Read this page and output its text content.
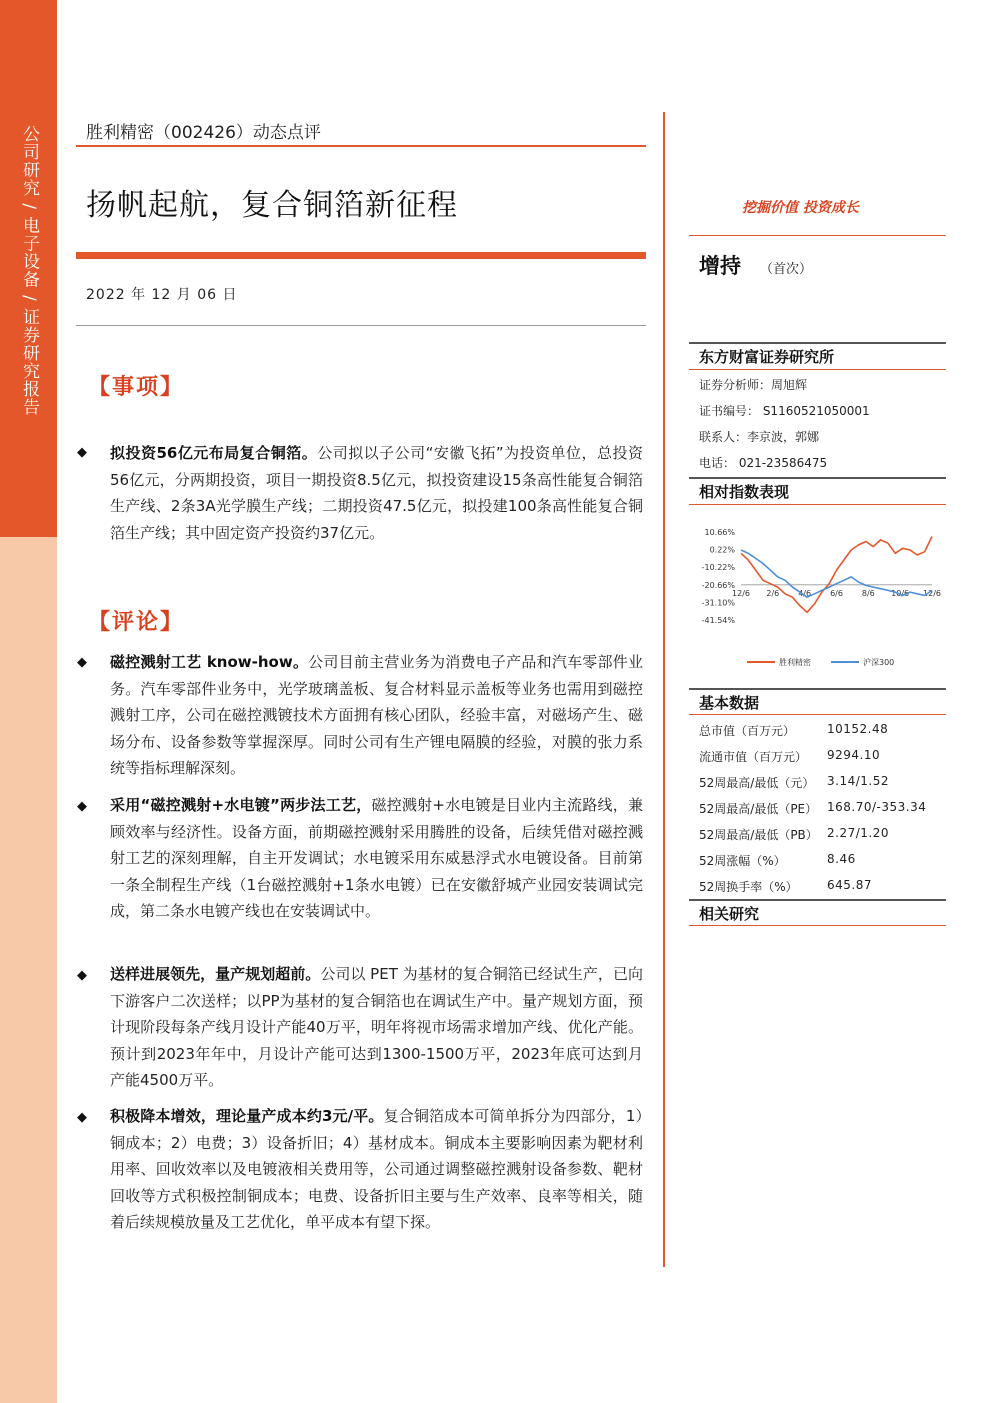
公司研究 / 电子设备 / 证券研究报告	胜利精密（002426）动态点评
扬帆起航，复合铜箔新征程
2022 年 12 月 06 日
【事项】
◆ 拟投资56亿元布局复合铜箔。公司拟以子公司“安徽飞拓”为投资单位，总投资56亿元，分两期投资，项目一期投资8.5亿元，拟投资建设15条高性能复合铜箔生产线、2条3A光学膜生产线；二期投资47.5亿元，拟投建100条高性能复合铜箔生产线；其中固定资产投资约37亿元。
【评论】
◆ 磁控溅射工艺 know-how。公司目前主营业务为消费电子产品和汽车零部件业务。汽车零部件业务中，光学玻璃盖板、复合材料显示盖板等业务也需用到磁控溅射工序，公司在磁控溅镀技术方面拥有核心团队，经验丰富，对磁场产生、磁场分布、设备参数等掌握深厚。同时公司有生产锂电隔膜的经验，对膜的张力系统等指标理解深刻。
◆ 采用“磁控溅射+水电镀”两步法工艺，磁控溅射+水电镀是目业内主流路线，兼顾效率与经济性。设备方面，前期磁控溅射采用腾胜的设备，后续凭借对磁控溅射工艺的深刻理解，自主开发调试；水电镀采用东威悬浮式水电镀设备。目前第一条全制程生产线（1台磁控溅射+1条水电镀）已在安徽舒城产业园安装调试完成，第二条水电镀产线也在安装调试中。
◆ 送样进展领先，量产规划超前。公司以 PET 为基材的复合铜箔已经试生产，已向下游客户二次送样；以PP为基材的复合铜箔也在调试生产中。量产规划方面，预计现阶段每条产线月设计产能40万平，明年将视市场需求增加产线、优化产能。预计到2023年年中，月设计产能可达到1300-1500万平，2023年底可达到月产能4500万平。
◆ 积极降本增效，理论量产成本约3元/平。复合铜箔成本可简单拆分为四部分，1）铜成本；2）电费；3）设备折旧；4）基材成本。铜成本主要影响因素为靶材利用率、回收效率以及电镀液相关费用等，公司通过调整磁控溅射设备参数、靶材回收等方式积极控制铜成本；电费、设备折旧主要与生产效率、良率等相关，随着后续规模放量及工艺优化，单平成本有望下探。
挖掘价值 投资成长
增持 （首次）
东方财富证券研究所
证券分析师：周旭辉
证书编号： S1160521050001
联系人：李京波，郭娜
电话： 021-23586475
相对指数表现
10.66%
0.22%
-10.22%
-20.66%
-31.10%
-41.54%
12/6 2/6 4/6 6/6 8/6 10/6 12/6
胜利精密	沪深300
基本数据
总市值（百万元）	10152.48
流通市值（百万元） 9294.10
52周最高/最低（元） 3.14/1.52
52周最高/最低（PE） 168.70/-353.34
52周最高/最低（PB） 2.27/1.20
52周涨幅（%）	8.46
52周换手率（%） 645.87
相关研究
